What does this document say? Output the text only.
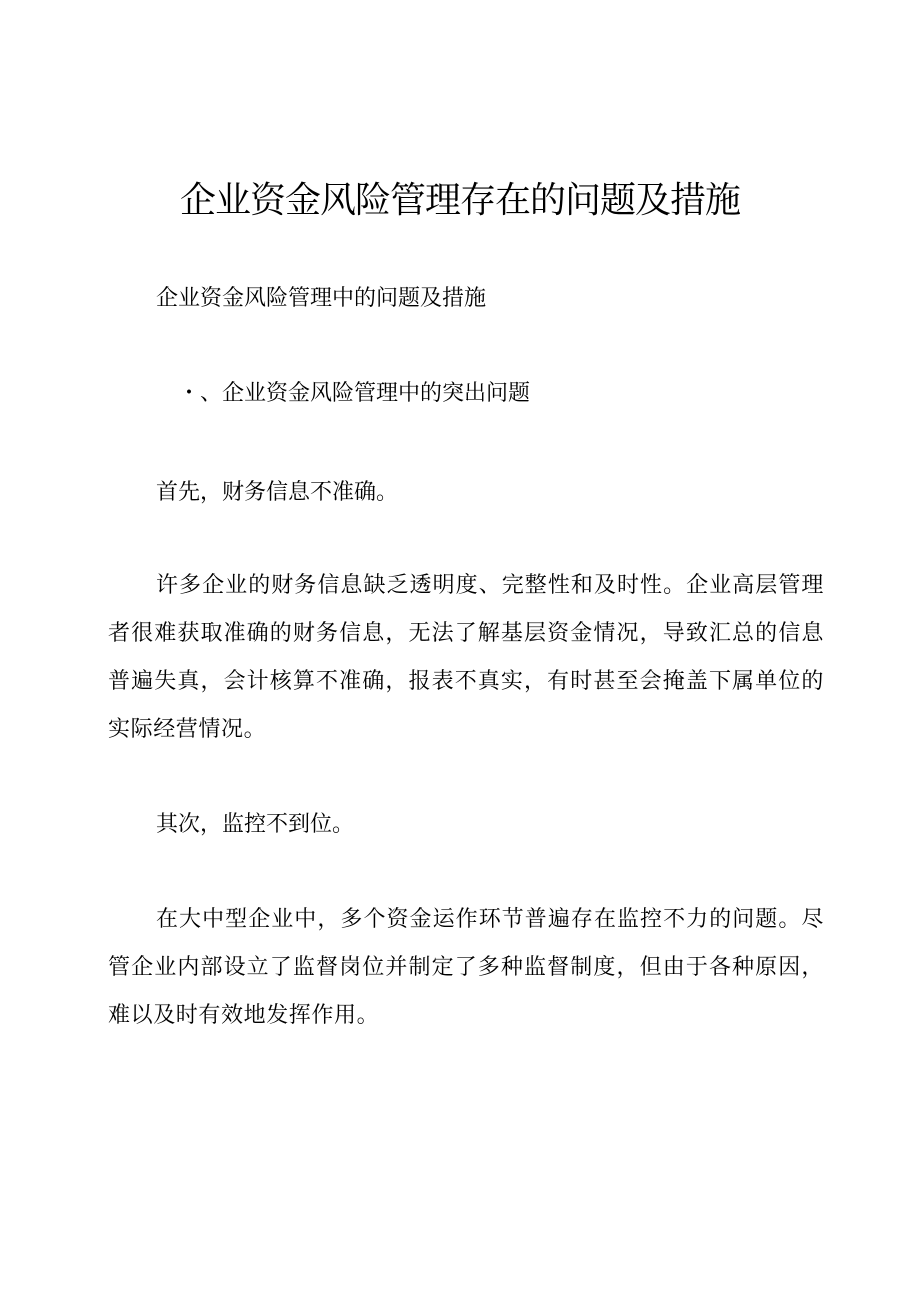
企业资金风险管理存在的问题及措施

企业资金风险管理中的问题及措施

・、企业资金风险管理中的突出问题

首先，财务信息不准确。

许多企业的财务信息缺乏透明度、完整性和及时性。企业高层管理者很难获取准确的财务信息，无法了解基层资金情况，导致汇总的信息普遍失真，会计核算不准确，报表不真实，有时甚至会掩盖下属单位的实际经营情况。

其次，监控不到位。

在大中型企业中，多个资金运作环节普遍存在监控不力的问题。尽管企业内部设立了监督岗位并制定了多种监督制度，但由于各种原因，难以及时有效地发挥作用。
